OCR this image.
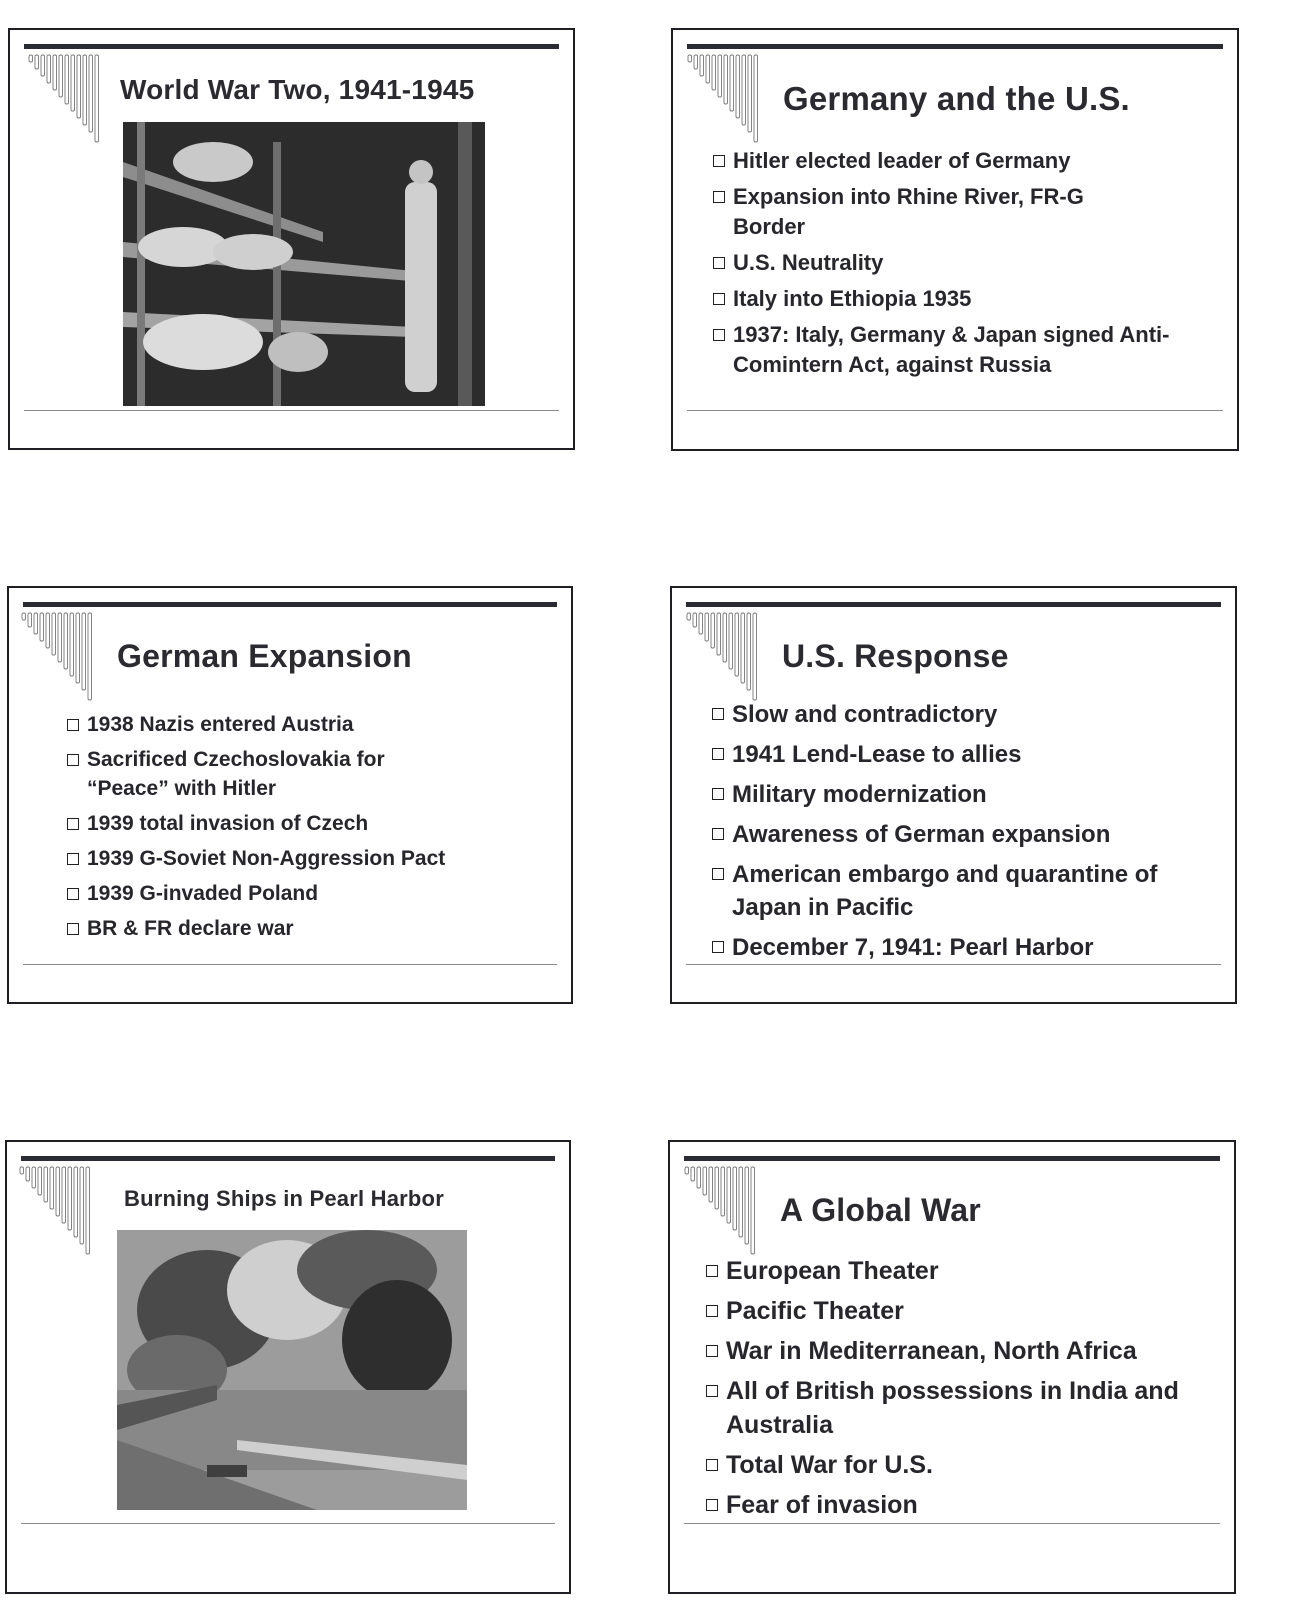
World War Two, 1941-1945	Germany and the U.S.
Hitler elected leader of Germany
Expansion into Rhine River, FR-G Border
U.S. Neutrality
Italy into Ethiopia 1935
1937: Italy, Germany & Japan signed Anti-Comintern Act, against Russia
German Expansion
1938 Nazis entered Austria
Sacrificed Czechoslovakia for “Peace” with Hitler
1939 total invasion of Czech
1939 G-Soviet Non-Aggression Pact
1939 G-invaded Poland
BR & FR declare war
U.S. Response
Slow and contradictory
1941 Lend-Lease to allies
Military modernization
Awareness of German expansion
American embargo and quarantine of Japan in Pacific
December 7, 1941: Pearl Harbor
Burning Ships in Pearl Harbor	A Global War
European Theater
Pacific Theater
War in Mediterranean, North Africa
All of British possessions in India and Australia
Total War for U.S.
Fear of invasion
